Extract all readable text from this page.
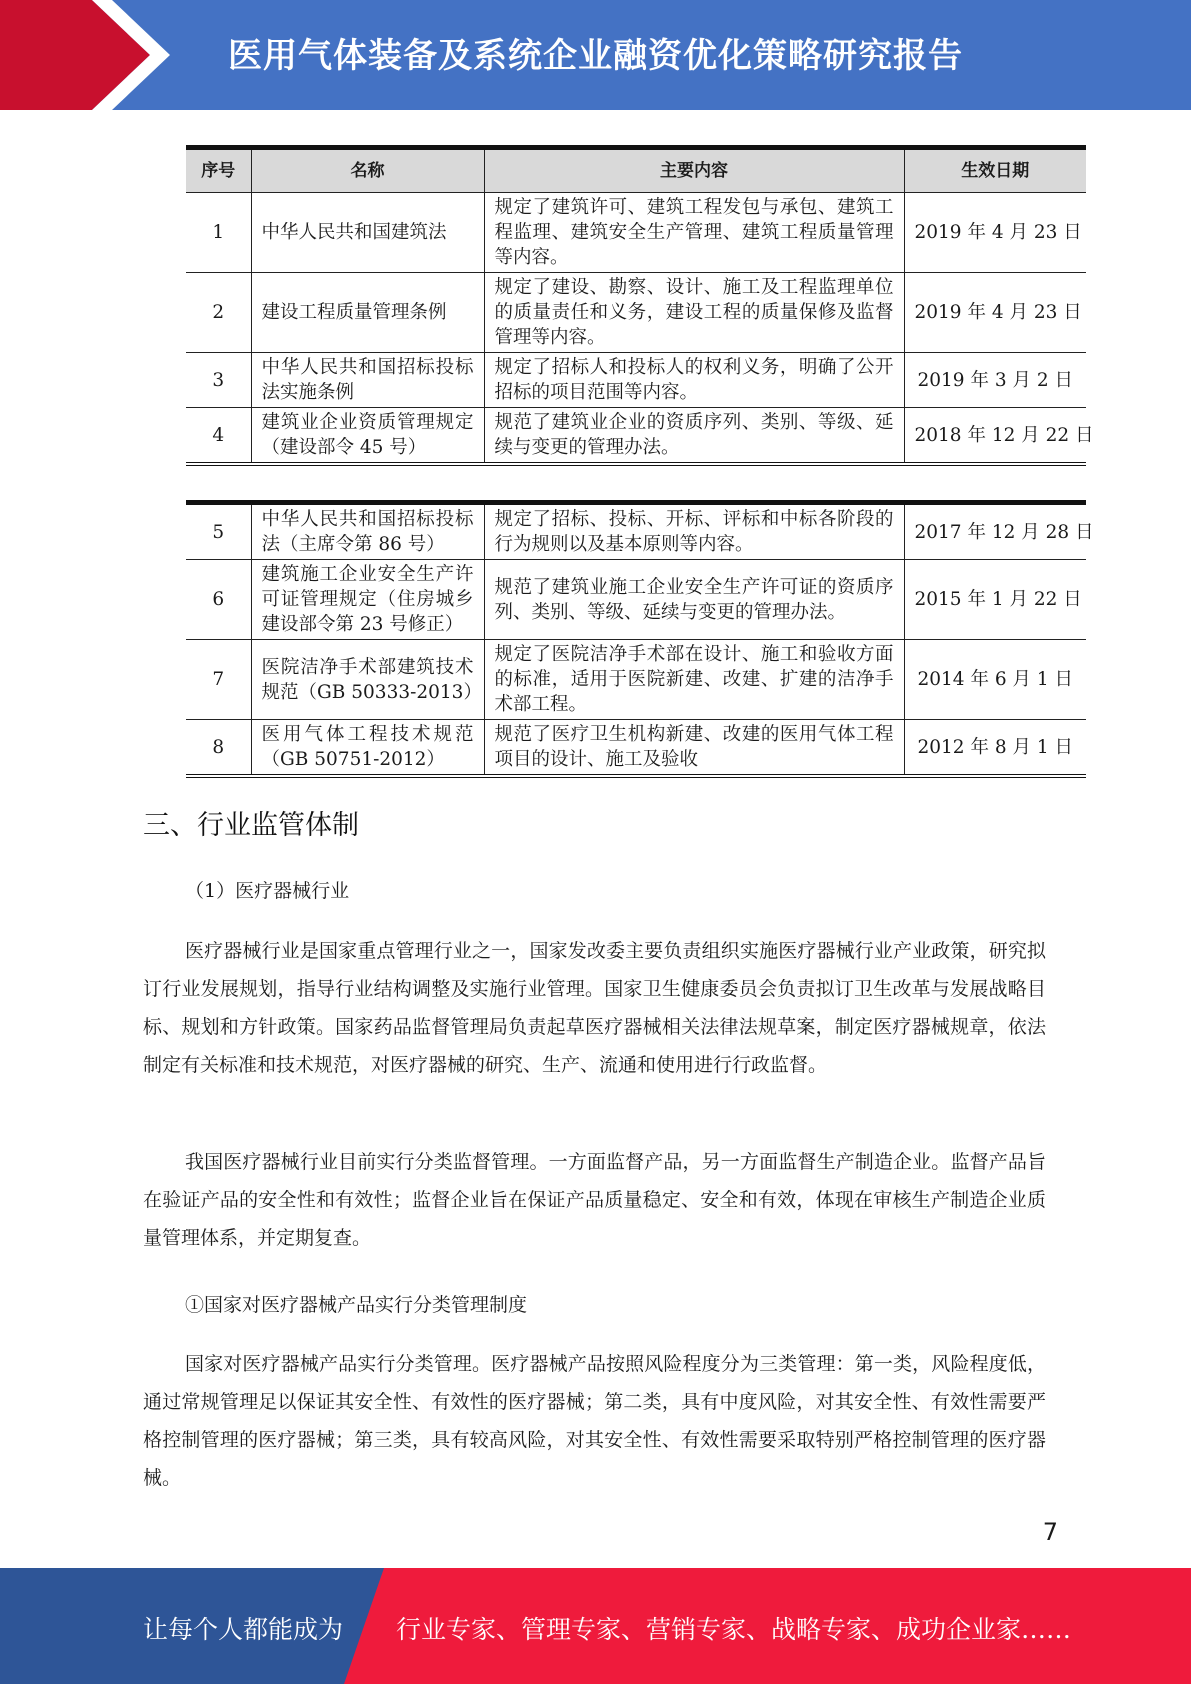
医用气体装备及系统企业融资优化策略研究报告
序号	名称	主要内容	生效日期
1	中华人民共和国建筑法	规定了建筑许可、建筑工程发包与承包、建筑工程监理、建筑安全生产管理、建筑工程质量管理等内容。	2019 年 4 月 23 日
2	建设工程质量管理条例	规定了建设、勘察、设计、施工及工程监理单位的质量责任和义务，建设工程的质量保修及监督管理等内容。	2019 年 4 月 23 日
3	中华人民共和国招标投标法实施条例	规定了招标人和投标人的权利义务，明确了公开招标的项目范围等内容。	2019 年 3 月 2 日
4	建筑业企业资质管理规定（建设部令 45 号）	规范了建筑业企业的资质序列、类别、等级、延续与变更的管理办法。	2018 年 12 月 22 日
5	中华人民共和国招标投标法（主席令第 86 号）	规定了招标、投标、开标、评标和中标各阶段的行为规则以及基本原则等内容。	2017 年 12 月 28 日
6	建筑施工企业安全生产许可证管理规定（住房城乡建设部令第 23 号修正）	规范了建筑业施工企业安全生产许可证的资质序列、类别、等级、延续与变更的管理办法。	2015 年 1 月 22 日
7	医院洁净手术部建筑技术规范（GB 50333-2013）	规定了医院洁净手术部在设计、施工和验收方面的标准，适用于医院新建、改建、扩建的洁净手术部工程。	2014 年 6 月 1 日
8	医用气体工程技术规范（GB 50751-2012）	规范了医疗卫生机构新建、改建的医用气体工程项目的设计、施工及验收	2012 年 8 月 1 日
三、行业监管体制
（1）医疗器械行业

医疗器械行业是国家重点管理行业之一，国家发改委主要负责组织实施医疗器械行业产业政策，研究拟订行业发展规划，指导行业结构调整及实施行业管理。国家卫生健康委员会负责拟订卫生改革与发展战略目标、规划和方针政策。国家药品监督管理局负责起草医疗器械相关法律法规草案，制定医疗器械规章，依法制定有关标准和技术规范，对医疗器械的研究、生产、流通和使用进行行政监督。

我国医疗器械行业目前实行分类监督管理。一方面监督产品，另一方面监督生产制造企业。监督产品旨在验证产品的安全性和有效性；监督企业旨在保证产品质量稳定、安全和有效，体现在审核生产制造企业质量管理体系，并定期复查。

①国家对医疗器械产品实行分类管理制度

国家对医疗器械产品实行分类管理。医疗器械产品按照风险程度分为三类管理：第一类，风险程度低，通过常规管理足以保证其安全性、有效性的医疗器械；第二类，具有中度风险，对其安全性、有效性需要严格控制管理的医疗器械；第三类，具有较高风险，对其安全性、有效性需要采取特别严格控制管理的医疗器械。

7
让每个人都能成为 行业专家、管理专家、营销专家、战略专家、成功企业家……
